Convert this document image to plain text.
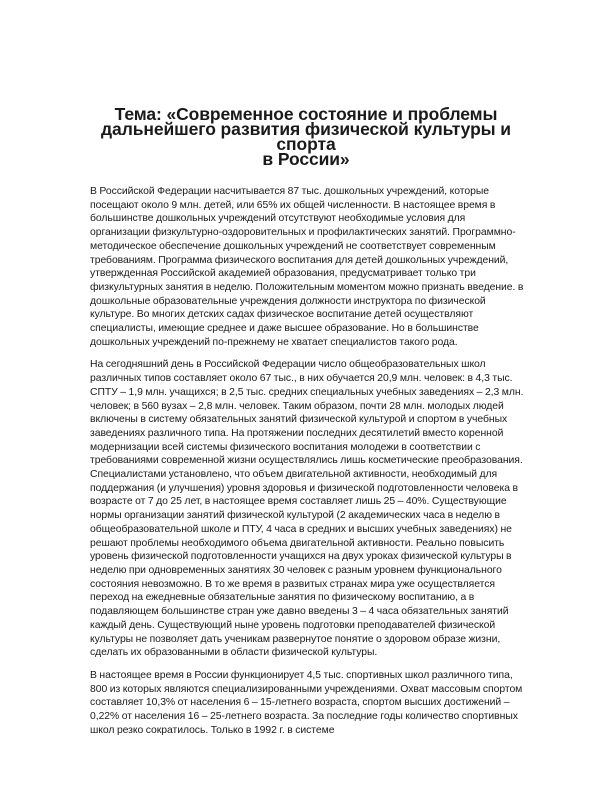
Тема: «Современное состояние и проблемы
дальнейшего развития физической культуры и спорта
в России»

В Российской Федерации насчитывается 87 тыс. дошкольных учреждений, которые посещают около 9 млн. детей, или 65% их общей численности. В настоящее время в большинстве дошкольных учреждений отсутствуют необходимые условия для организации физкультурно-оздоровительных и профилактических занятий. Программно-методическое обеспечение дошкольных учреждений не соответствует современным требованиям. Программа физического воспитания для детей дошкольных учреждений, утвержденная Российской академией образования, предусматривает только три физкультурных занятия в неделю. Положительным моментом можно признать введение. в дошкольные образовательные учреждения должности инструктора по физической культуре. Во многих детских садах физическое воспитание детей осуществляют специалисты, имеющие среднее и даже высшее образование. Но в большинстве дошкольных учреждений по-прежнему не хватает специалистов такого рода.

На сегодняшний день в Российской Федерации число общеобразовательных школ различных типов составляет около 67 тыс., в них обучается 20,9 млн. человек: в 4,3 тыс. СПТУ – 1,9 млн. учащихся; в 2,5 тыс. средних специальных учебных заведениях – 2,3 млн. человек; в 560 вузах – 2,8 млн. человек. Таким образом, почти 28 млн. молодых людей включены в систему обязательных занятий физической культурой и спортом в учебных заведениях различного типа. На протяжении последних десятилетий вместо коренной модернизации всей системы физического воспитания молодежи в соответствии с требованиями современной жизни осуществлялись лишь косметические преобразования. Специалистами установлено, что объем двигательной активности, необходимый для поддержания (и улучшения) уровня здоровья и физической подготовленности человека в возрасте от 7 до 25 лет, в настоящее время составляет лишь 25 – 40%. Существующие нормы организации занятий физической культурой (2 академических часа в неделю в общеобразовательной школе и ПТУ, 4 часа в средних и высших учебных заведениях) не решают проблемы необходимого объема двигательной активности. Реально повысить уровень физической подготовленности учащихся на двух уроках физической культуры в неделю при одновременных занятиях 30 человек с разным уровнем функционального состояния невозможно. В то же время в развитых странах мира уже осуществляется переход на ежедневные обязательные занятия по физическому воспитанию, а в подавляющем большинстве стран уже давно введены 3 – 4 часа обязательных занятий каждый день. Существующий ныне уровень подготовки преподавателей физической культуры не позволяет дать ученикам развернутое понятие о здоровом образе жизни, сделать их образованными в области физической культуры.

В настоящее время в России функционирует 4,5 тыс. спортивных школ различного типа, 800 из которых являются специализированными учреждениями. Охват массовым спортом составляет 10,3% от населения 6 – 15-летнего возраста, спортом высших достижений – 0,22% от населения 16 – 25-летнего возраста. За последние годы количество спортивных школ резко сократилось. Только в 1992 г. в системе
